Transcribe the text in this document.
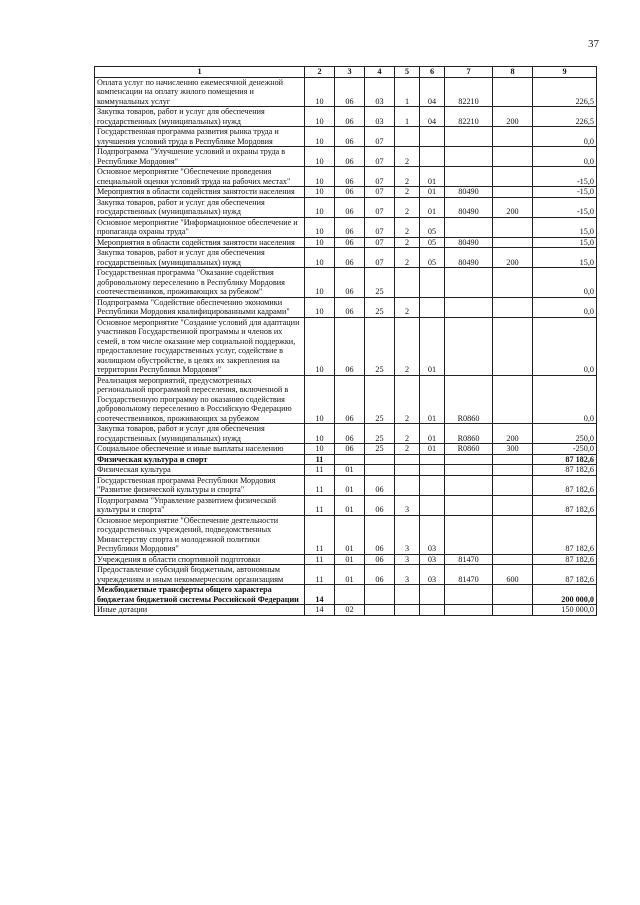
37
1	2	3	4	5	6	7	8	9
Оплата услуг по начислению ежемесячной денежной компенсации на оплату жилого помещения и коммунальных услуг	10	06	03	1	04	82210		226,5
Закупка товаров, работ и услуг для обеспечения государственных (муниципальных) нужд	10	06	03	1	04	82210	200	226,5
Государственная программа развития рынка труда и улучшения условий труда в Республике Мордовия	10	06	07					0,0
Подпрограмма "Улучшение условий и охраны труда в Республике Мордовия"	10	06	07	2				0,0
Основное мероприятие "Обеспечение проведения специальной оценки условий труда на рабочих местах"	10	06	07	2	01			-15,0
Мероприятия в области содействия занятости населения	10	06	07	2	01	80490		-15,0
Закупка товаров, работ и услуг для обеспечения государственных (муниципальных) нужд	10	06	07	2	01	80490	200	-15,0
Основное мероприятие "Информационное обеспечение и пропаганда охраны труда"	10	06	07	2	05			15,0
Мероприятия в области содействия занятости населения	10	06	07	2	05	80490		15,0
Закупка товаров, работ и услуг для обеспечения государственных (муниципальных) нужд	10	06	07	2	05	80490	200	15,0
Государственная программа "Оказание содействия добровольному переселению в Республику Мордовия соотечественников, проживающих за рубежом"	10	06	25					0,0
Подпрограмма "Содействие обеспечению экономики Республики Мордовия квалифицированными кадрами"	10	06	25	2				0,0
Основное мероприятие "Создание условий для адаптации участников Государственной программы и членов их семей, в том числе оказание мер социальной поддержки, предоставление государственных услуг, содействие в жилищном обустройстве, в целях их закрепления на территории Республики Мордовия"	10	06	25	2	01			0,0
Реализация мероприятий, предусмотренных региональной программой переселения, включенной в Государственную программу по оказанию содействия добровольному переселению в Российскую Федерацию соотечественников, проживающих за рубежом	10	06	25	2	01	R0860		0,0
Закупка товаров, работ и услуг для обеспечения государственных (муниципальных) нужд	10	06	25	2	01	R0860	200	250,0
Социальное обеспечение и иные выплаты населению	10	06	25	2	01	R0860	300	-250,0
Физическая культура и спорт	11							87 182,6
Физическая культура	11	01						87 182,6
Государственная программа Республики Мордовия "Развитие физической культуры и спорта"	11	01	06					87 182,6
Подпрограмма "Управление развитием физической культуры и спорта"	11	01	06	3				87 182,6
Основное мероприятие "Обеспечение деятельности государственных учреждений, подведомственных Министерству спорта и молодежной политики Республики Мордовия"	11	01	06	3	03			87 182,6
Учреждения в области спортивной подготовки	11	01	06	3	03	81470		87 182,6
Предоставление субсидий бюджетным, автономным учреждениям и иным некоммерческим организациям	11	01	06	3	03	81470	600	87 182,6
Межбюджетные трансферты общего характера бюджетам бюджетной системы Российской Федерации	14							200 000,0
Иные дотации	14	02						150 000,0
